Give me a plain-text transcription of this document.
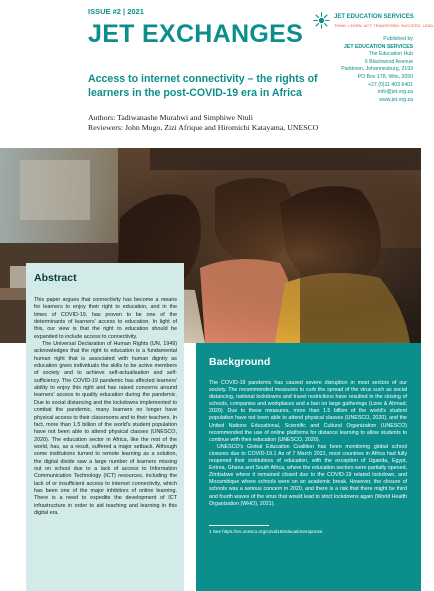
ISSUE #2 | 2021
JET EXCHANGES
JET EDUCATION SERVICES
THINK. LEARN. ACT. TRANSFORM. SUCCEED. LEAD.
Published by
JET EDUCATION SERVICES
The Education Hub
6 Blackwood Avenue
Parktown, Johannesburg, 2193
PO Box 178, Wits, 2050
+27 (0)11 403 6401
info@jet.org.za
www.jet.org.za
Access to internet connectivity – the rights of learners in the post-COVID-19 era in Africa
Authors: Tadiwanashe Murahwi and Simphiwe Ntuli
Reviewers: John Mugo, Zizi Afrique and Hiromichi Katayama, UNESCO
Abstract

This paper argues that connectivity has become a means for learners to enjoy their right to education, and in the times of COVID-19, has proven to be one of the determinants of learners' access to education. In light of this, our view is that the right to education should be expanded to include access to connectivity.

The Universal Declaration of Human Rights (UN, 1949) acknowledges that the right to education is a fundamental human right that is associated with human dignity as education gives individuals the skills to be active members of society and to achieve self-actualisation and self-sufficiency. The COVID-19 pandemic has affected learners' ability to enjoy this right and has raised concerns around learners' access to quality education during the pandemic. Due to social distancing and the lockdowns implemented to combat the pandemic, many learners no longer have physical access to their classrooms and to their teachers. In fact, more than 1.5 billion of the world's student population have not been able to attend physical classes (UNESCO, 2020). The education sector in Africa, like the rest of the world, has, as a result, suffered a major setback. Although some institutions turned to remote learning as a solution, the digital divide saw a large number of learners missing out on school due to a lack of access to Information Communication Technology (ICT) resources, including the lack of or insufficient access to internet connectivity, which has been one of the major inhibitors of online learning. There is a need to expedite the development of ICT infrastructure in order to aid teaching and learning in this digital era.

Background

The COVID-19 pandemic has caused severe disruption in most sectors of our society. The recommended measures to curb the spread of the virus such as social distancing, national lockdowns and travel restrictions have resulted in the closing of schools, companies and workplaces and a ban on large gatherings (Lone & Ahmad, 2020). Due to these measures, more than 1.5 billion of the world's student population have not been able to attend physical classes (UNESCO, 2020), and the United Nations Educational, Scientific and Cultural Organization (UNESCO) recommended the use of online platforms for distance learning to allow students to continue with their education (UNESCO, 2020).

UNESCO's Global Education Coalition has been monitoring global school closures due to COVID-19.1 As of 7 March 2021, most countries in Africa had fully reopened their institutions of education, with the exception of Uganda, Egypt, Eritrea, Ghana and South Africa, where the education sectors were partially opened, Zimbabwe where it remained closed due to the COVID-19 related lockdown, and Mozambique where schools were on an academic break. However, the closure of schools was a serious concern in 2020, and there is a risk that there might be third and fourth waves of the virus that would lead to strict lockdowns again (World Health Organization (WHO), 2021).

1 See https://en.unesco.org/covid19/educationresponse
